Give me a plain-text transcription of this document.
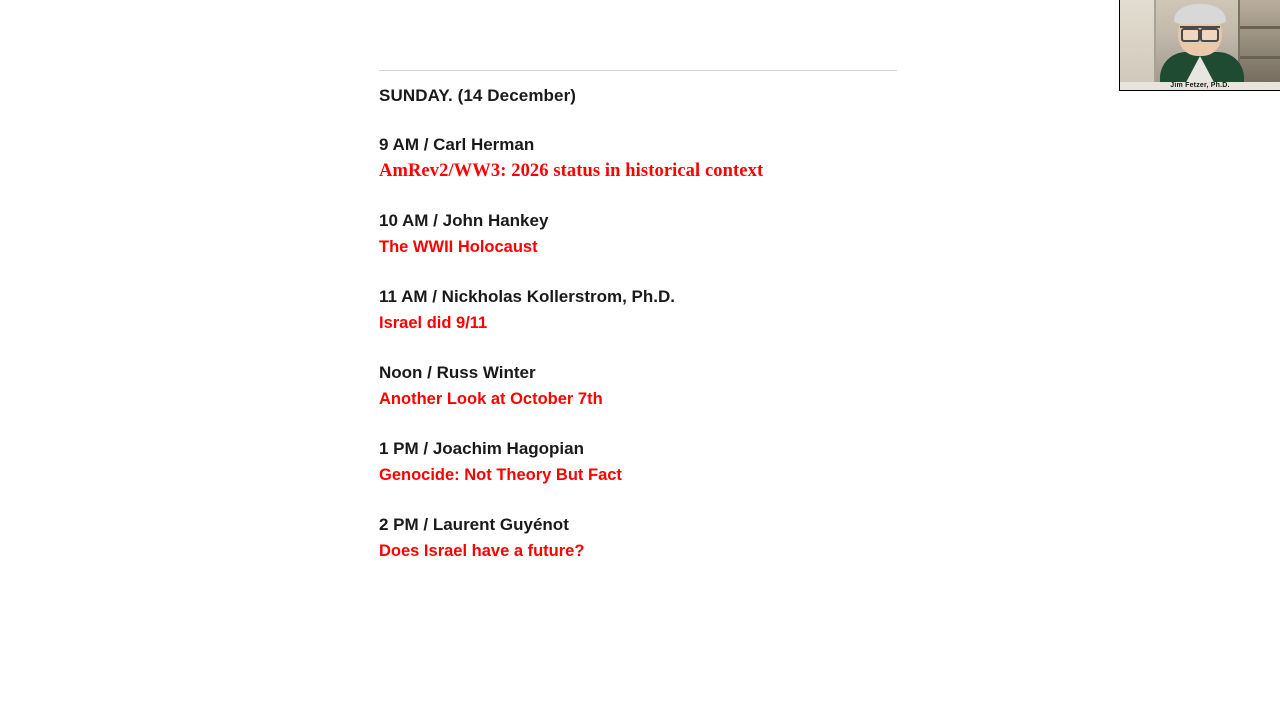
SUNDAY. (14 December)
9 AM / Carl Herman
AmRev2/WW3: 2026 status in historical context
10 AM / John Hankey
The WWII Holocaust
11 AM / Nickholas Kollerstrom, Ph.D.
Israel did 9/11
Noon / Russ Winter
Another Look at October 7th
1 PM / Joachim Hagopian
Genocide: Not Theory But Fact
2 PM / Laurent Guyénot
Does Israel have a future?
Jim Fetzer, Ph.D.
